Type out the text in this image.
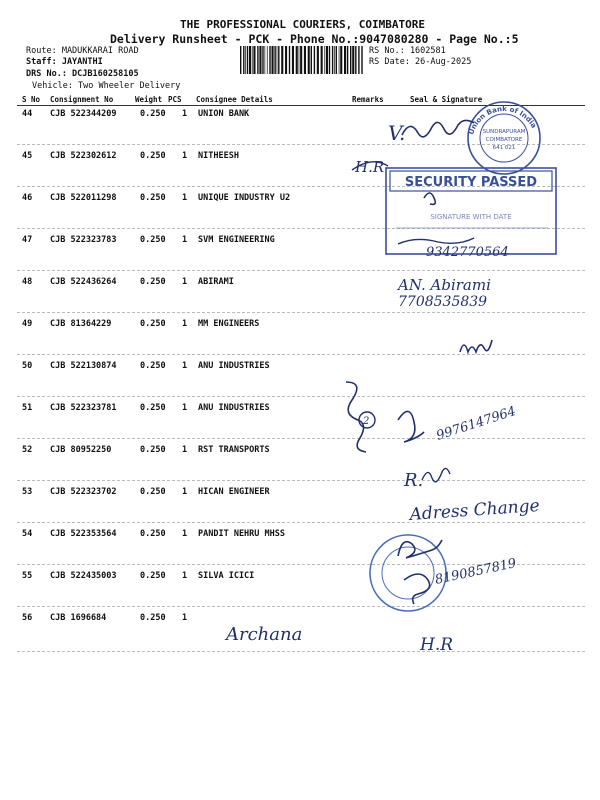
THE PROFESSIONAL COURIERS, COIMBATORE
Delivery Runsheet - PCK - Phone No.:9047080280 - Page No.:5
Route: MADUKKARAI ROAD
Staff: JAYANTHI
DRS No.: DCJB160258105
Vehicle: Two Wheeler Delivery
RS No.: 1602581
RS Date: 26-Aug-2025
S No Consignment No	Weight PCS Consignee Details	Remarks	Seal & Signature
44 CJB 522344209	0.250 1 UNION BANK
45 CJB 522302612	0.250 1 NITHEESH
46 CJB 522011298	0.250 1 UNIQUE INDUSTRY U2
47 CJB 522323783	0.250 1 SVM ENGINEERING
48 CJB 522436264	0.250 1 ABIRAMI
49 CJB 81364229	0.250 1 MM ENGINEERS
50 CJB 522130874	0.250 1 ANU INDUSTRIES
51 CJB 522323781	0.250 1 ANU INDUSTRIES
52 CJB 80952250	0.250 1 RST TRANSPORTS
53 CJB 522323702	0.250 1 HICAN ENGINEER
54 CJB 522353564	0.250 1 PANDIT NEHRU MHSS
55 CJB 522435003	0.250 1 SILVA ICICI
56 CJB 1696684	0.250 1
Union Bank of India
SUNDRAPURAM
COIMBATORE
641 021
SECURITY PASSED
SIGNATURE WITH DATE
V.
H.R
9342770564
AN. Abirami
7708535839
2	9976147964
R.
Adress Change
8190857819
Archana	H.R
